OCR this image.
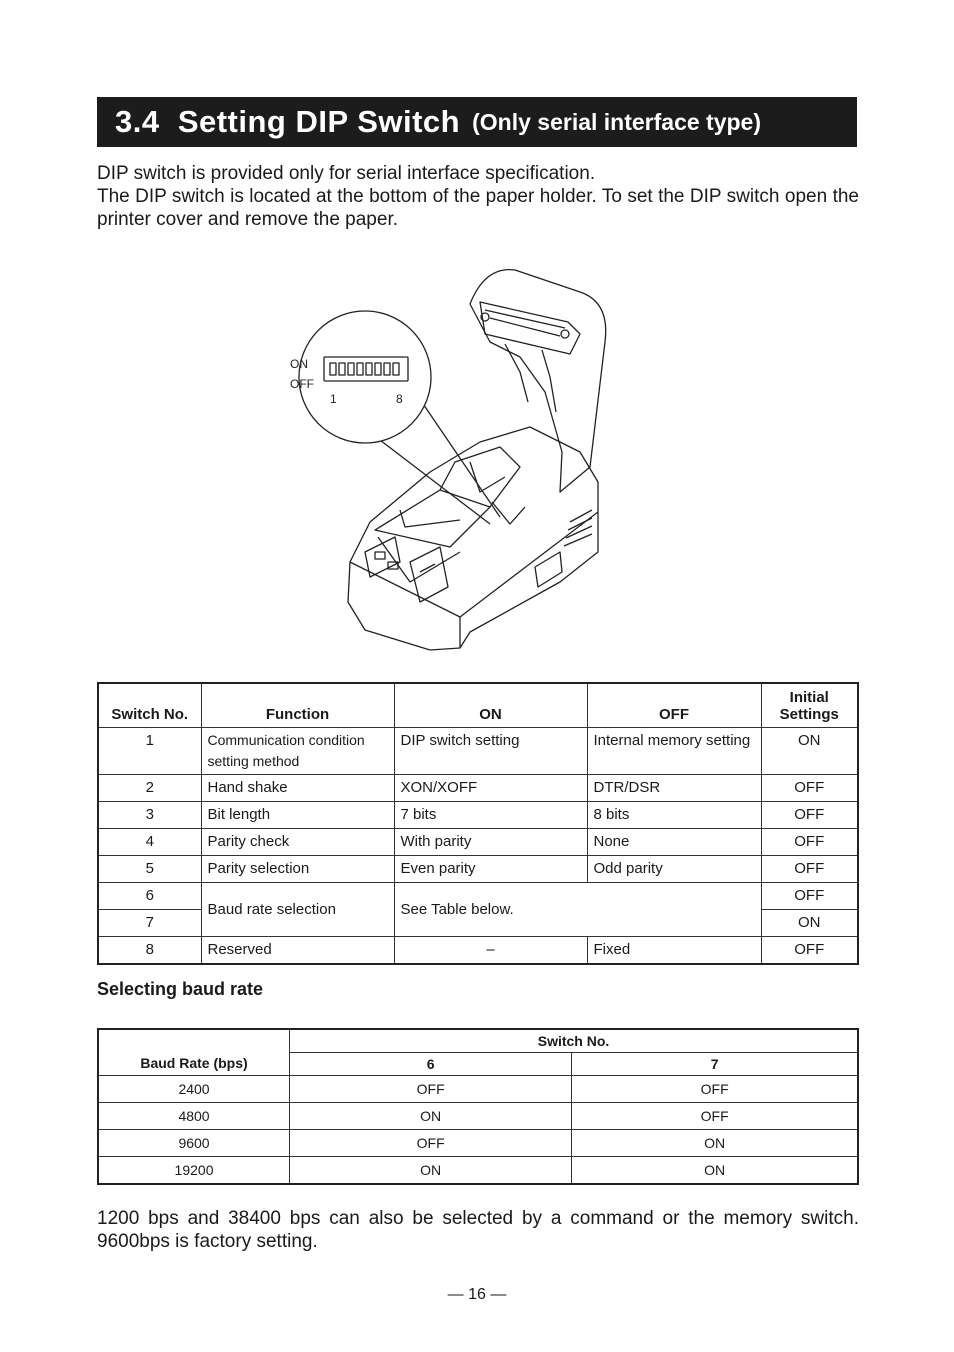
3.4  Setting DIP Switch (Only serial interface type)

DIP switch is provided only for serial interface specification.

The DIP switch is located at the bottom of the paper holder. To set the DIP switch open the printer cover and remove the paper.

ON
OFF
1	8
Switch No.	Function	ON	OFF	Initial Settings
1	Communication condition setting method	DIP switch setting	Internal memory setting	ON
2	Hand shake	XON/XOFF	DTR/DSR	OFF
3	Bit length	7 bits	8 bits	OFF
4	Parity check	With parity	None	OFF
5	Parity selection	Even parity	Odd parity	OFF
6	Baud rate selection	See Table below.		OFF
7				ON
8	Reserved	–	Fixed	OFF
Selecting baud rate
Baud Rate (bps)	Switch No.	
	6	7
2400	OFF	OFF
4800	ON	OFF
9600	OFF	ON
19200	ON	ON

1200 bps and 38400 bps can also be selected by a command or the memory switch. 9600bps is factory setting.

— 16 —
